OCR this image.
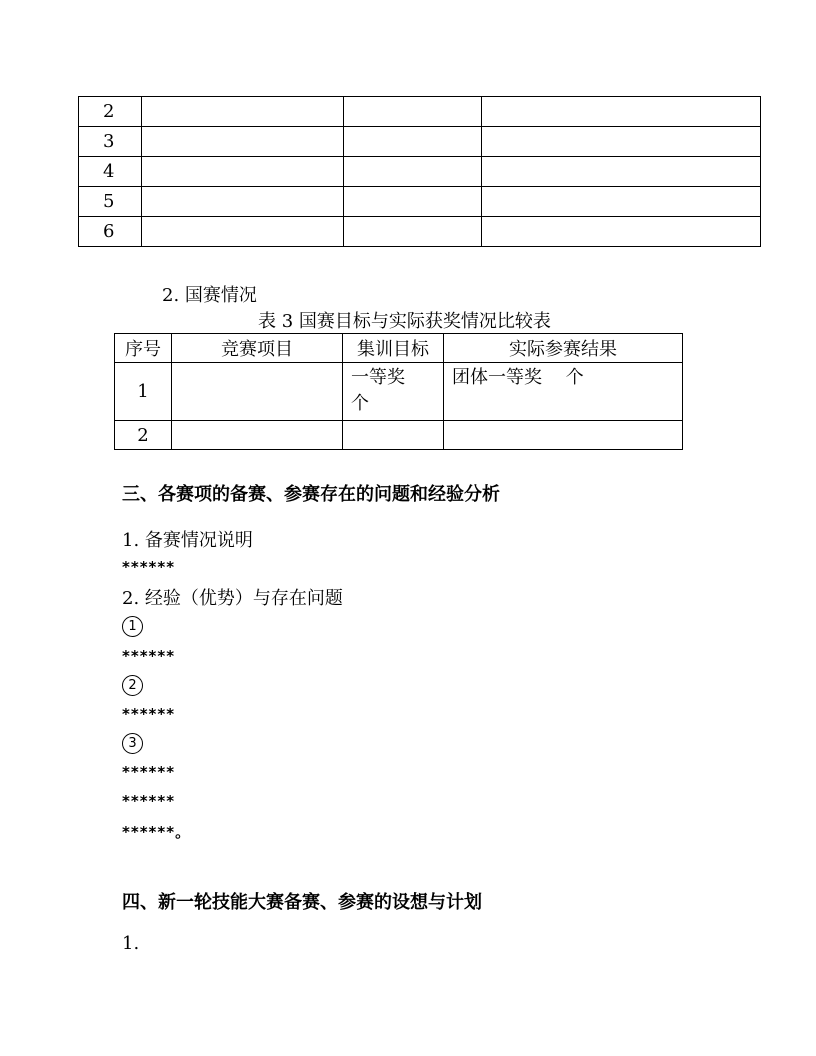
2			
3			
4			
5			
6			
2. 国赛情况
表 3 国赛目标与实际获奖情况比较表
序号	竞赛项目	集训目标	实际参赛结果
1		一等奖　 个	团体一等奖　 个
2			
三、各赛项的备赛、参赛存在的问题和经验分析
1. 备赛情况说明
******
2. 经验（优势）与存在问题
1
******
2
******
3
******
******
******。
四、新一轮技能大赛备赛、参赛的设想与计划
1.
